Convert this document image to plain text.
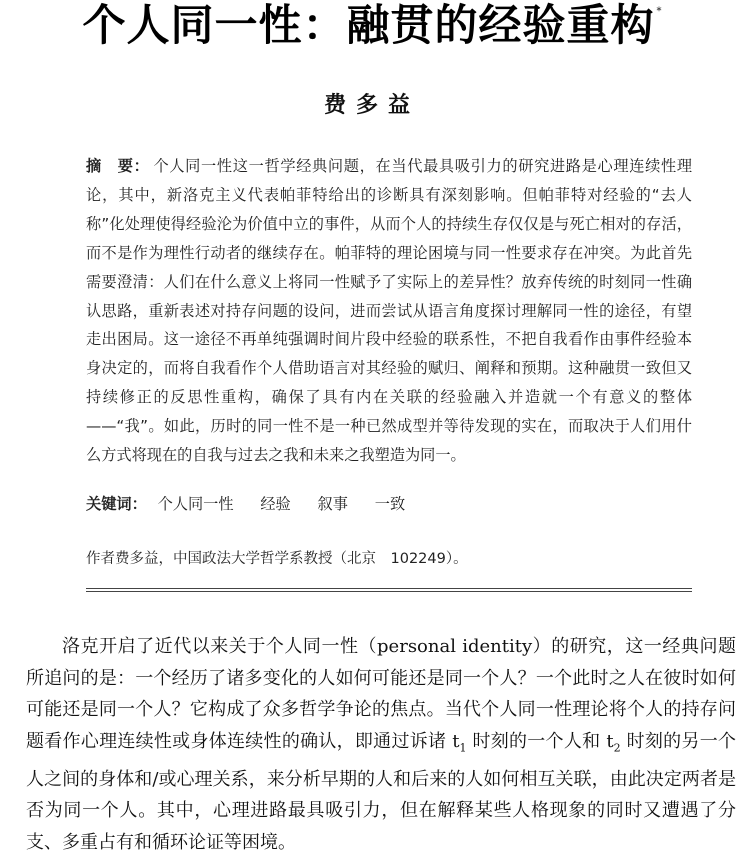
个人同一性：融贯的经验重构 *
费多益
摘　要： 个人同一性这一哲学经典问题，在当代最具吸引力的研究进路是心理连续性理论，其中，新洛克主义代表帕菲特给出的诊断具有深刻影响。但帕菲特对经验的“去人称”化处理使得经验沦为价值中立的事件，从而个人的持续生存仅仅是与死亡相对的存活，而不是作为理性行动者的继续存在。帕菲特的理论困境与同一性要求存在冲突。为此首先需要澄清：人们在什么意义上将同一性赋予了实际上的差异性？放弃传统的时刻同一性确认思路，重新表述对持存问题的设问，进而尝试从语言角度探讨理解同一性的途径，有望走出困局。这一途径不再单纯强调时间片段中经验的联系性，不把自我看作由事件经验本身决定的，而将自我看作个人借助语言对其经验的赋归、阐释和预期。这种融贯一致但又持续修正的反思性重构，确保了具有内在关联的经验融入并造就一个有意义的整体——“我”。如此，历时的同一性不是一种已然成型并等待发现的实在，而取决于人们用什么方式将现在的自我与过去之我和未来之我塑造为同一。
关键词： 个人同一性 经验 叙事 一致
作者费多益，中国政法大学哲学系教授（北京　102249）。
洛克开启了近代以来关于个人同一性（personal identity）的研究，这一经典问题所追问的是：一个经历了诸多变化的人如何可能还是同一个人？一个此时之人在彼时如何可能还是同一个人？它构成了众多哲学争论的焦点。当代个人同一性理论将个人的持存问题看作心理连续性或身体连续性的确认，即通过诉诸 $t_1$ 时刻的一个人和 $t_2$ 时刻的另一个人之间的身体和/或心理关系，来分析早期的人和后来的人如何相互关联，由此决定两者是否为同一个人。其中，心理进路最具吸引力，但在解释某些人格现象的同时又遭遇了分支、多重占有和循环论证等困境。
